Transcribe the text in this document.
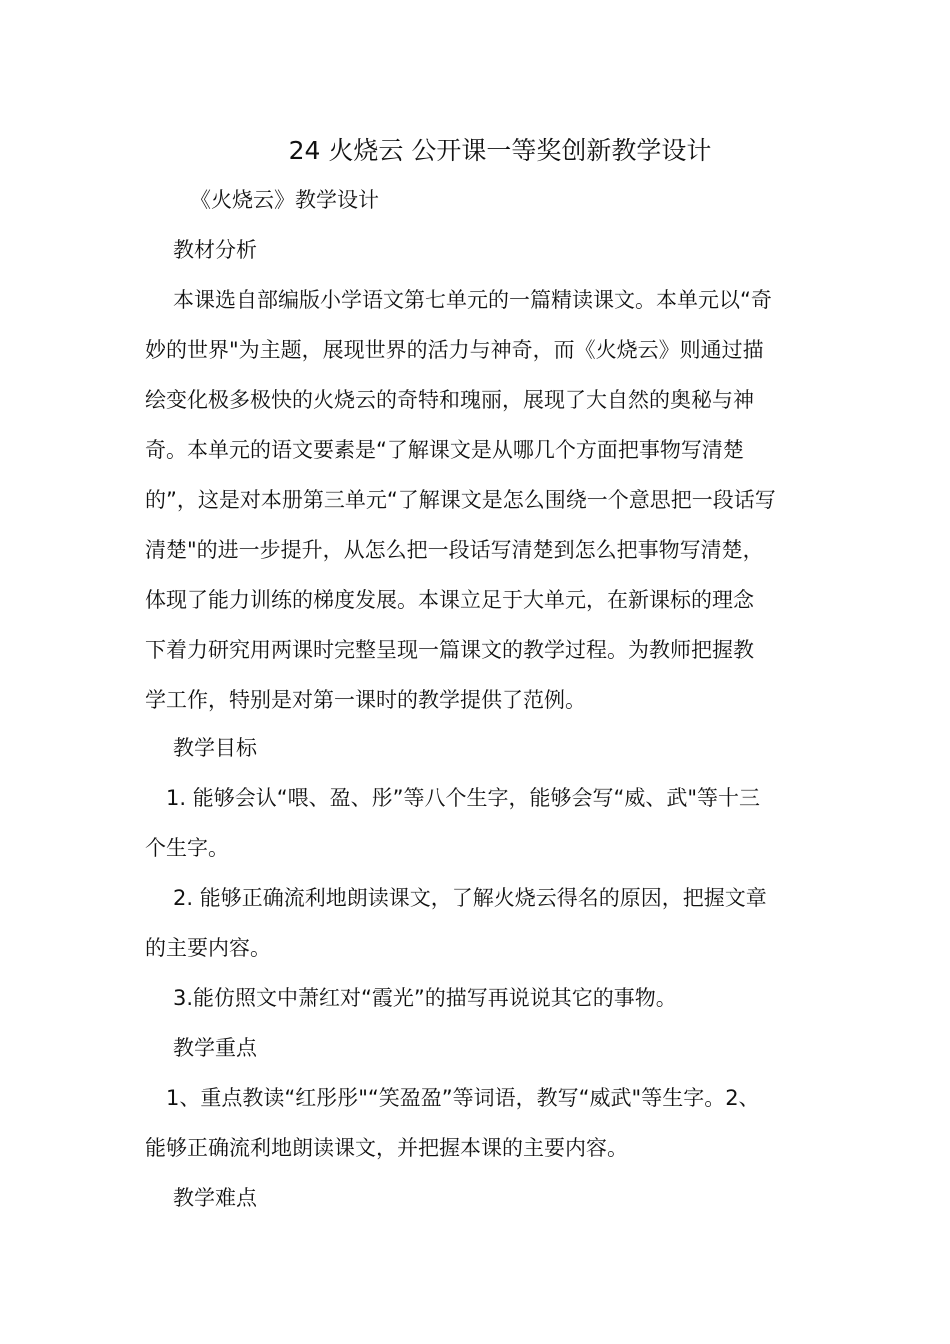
24 火烧云 公开课一等奖创新教学设计
《火烧云》教学设计
教材分析
本课选自部编版小学语文第七单元的一篇精读课文。本单元以“奇
妙的世界"为主题，展现世界的活力与神奇，而《火烧云》则通过描
绘变化极多极快的火烧云的奇特和瑰丽，展现了大自然的奥秘与神
奇。本单元的语文要素是“了解课文是从哪几个方面把事物写清楚
的”，这是对本册第三单元“了解课文是怎么围绕一个意思把一段话写
清楚"的进一步提升，从怎么把一段话写清楚到怎么把事物写清楚，
体现了能力训练的梯度发展。本课立足于大单元，在新课标的理念
下着力研究用两课时完整呈现一篇课文的教学过程。为教师把握教
学工作，特别是对第一课时的教学提供了范例。
教学目标
1. 能够会认“喂、盈、彤”等八个生字，能够会写“威、武"等十三
个生字。
2. 能够正确流利地朗读课文，了解火烧云得名的原因，把握文章
的主要内容。
3.能仿照文中萧红对“霞光”的描写再说说其它的事物。
教学重点
1、重点教读“红彤彤"“笑盈盈”等词语，教写“威武"等生字。2、
能够正确流利地朗读课文，并把握本课的主要内容。
教学难点
